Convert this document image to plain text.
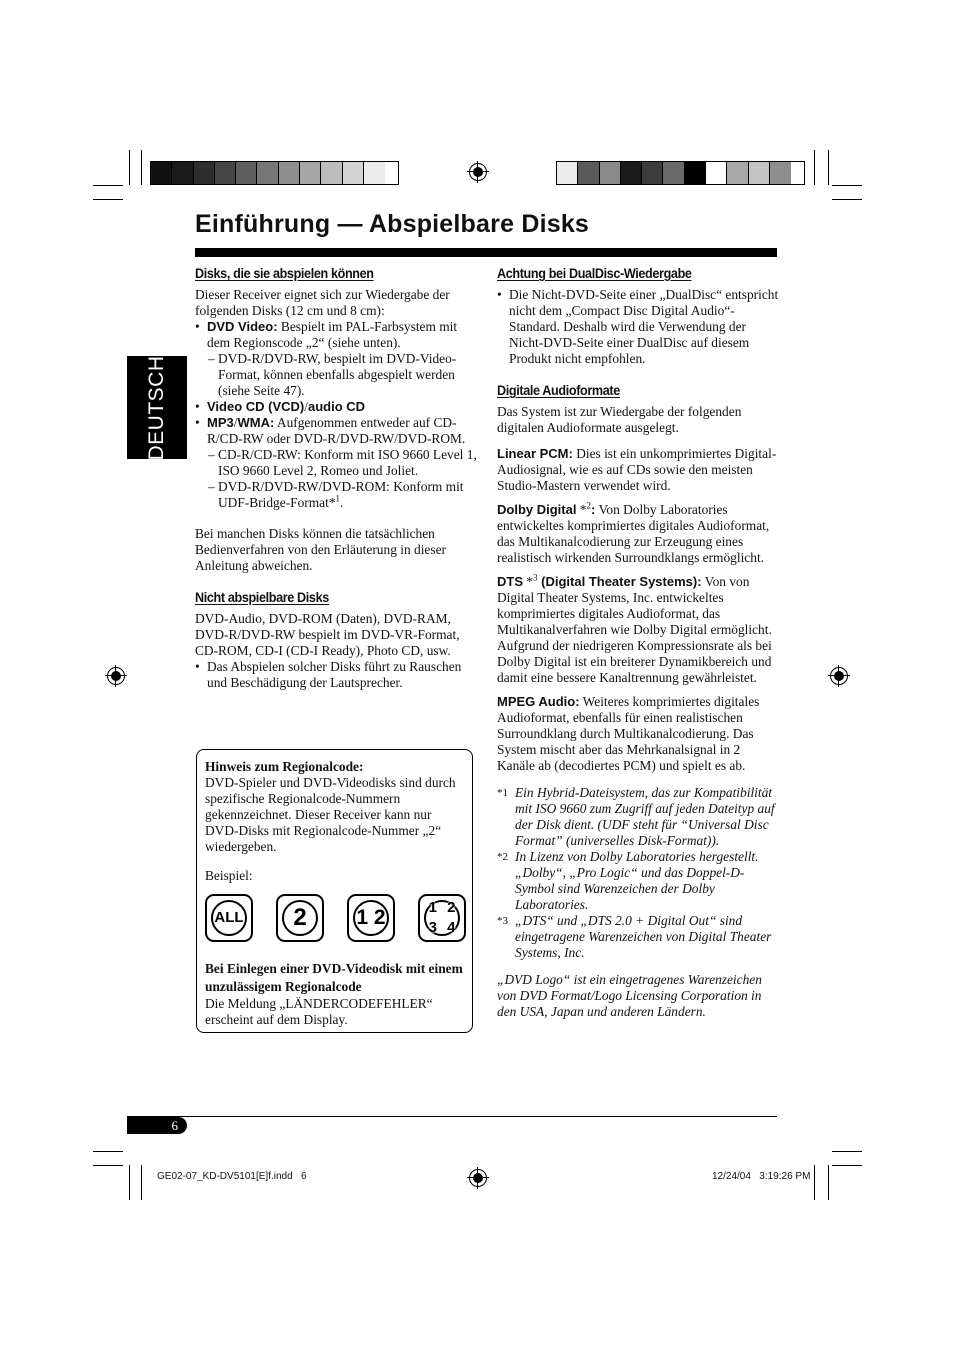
Einführung — Abspielbare Disks
DEUTSCH

Disks, die sie abspielen können

Dieser Receiver eignet sich zur Wiedergabe der folgenden Disks (12 cm und 8 cm):

• DVD Video: Bespielt im PAL-Farbsystem mit dem Regionscode „2“ (siehe unten).

– DVD-R/DVD-RW, bespielt im DVD-Video-Format, können ebenfalls abgespielt werden (siehe Seite 47).

• Video CD (VCD)/audio CD

• MP3/WMA: Aufgenommen entweder auf CD-R/CD-RW oder DVD-R/DVD-RW/DVD-ROM.

– CD-R/CD-RW: Konform mit ISO 9660 Level 1, ISO 9660 Level 2, Romeo und Joliet.

– DVD-R/DVD-RW/DVD-ROM: Konform mit UDF-Bridge-Format*$^1$.

Bei manchen Disks können die tatsächlichen Bedienverfahren von den Erläuterung in dieser Anleitung abweichen.

Nicht abspielbare Disks

DVD-Audio, DVD-ROM (Daten), DVD-RAM, DVD-R/DVD-RW bespielt im DVD-VR-Format, CD-ROM, CD-I (CD-I Ready), Photo CD, usw.

• Das Abspielen solcher Disks führt zu Rauschen und Beschädigung der Lautsprecher.

Hinweis zum Regionalcode:

DVD-Spieler und DVD-Videodisks sind durch spezifische Regionalcode-Nummern gekennzeichnet. Dieser Receiver kann nur DVD-Disks mit Regionalcode-Nummer „2“ wiedergeben.

Beispiel:

ALL	2	1 2	1 2 3 4

Bei Einlegen einer DVD-Videodisk mit einem unzulässigem Regionalcode

Die Meldung „LÄNDERCODEFEHLER“ erscheint auf dem Display.

Achtung bei DualDisc-Wiedergabe

• Die Nicht-DVD-Seite einer „DualDisc“ entspricht nicht dem „Compact Disc Digital Audio“-Standard. Deshalb wird die Verwendung der Nicht-DVD-Seite einer DualDisc auf diesem Produkt nicht empfohlen.

Digitale Audioformate

Das System ist zur Wiedergabe der folgenden digitalen Audioformate ausgelegt.

Linear PCM: Dies ist ein unkomprimiertes Digital-Audiosignal, wie es auf CDs sowie den meisten Studio-Mastern verwendet wird.

Dolby Digital *$^2$: Von Dolby Laboratories entwickeltes komprimiertes digitales Audioformat, das Multikanalcodierung zur Erzeugung eines realistisch wirkenden Surroundklangs ermöglicht.

DTS *$^3$ (Digital Theater Systems): Von von Digital Theater Systems, Inc. entwickeltes komprimiertes digitales Audioformat, das Multikanalverfahren wie Dolby Digital ermöglicht. Aufgrund der niedrigeren Kompressionsrate als bei Dolby Digital ist ein breiterer Dynamikbereich und damit eine bessere Kanaltrennung gewährleistet.

MPEG Audio: Weiteres komprimiertes digitales Audioformat, ebenfalls für einen realistischen Surroundklang durch Multikanalcodierung. Das System mischt aber das Mehrkanalsignal in 2 Kanäle ab (decodiertes PCM) und spielt es ab.

*1 Ein Hybrid-Dateisystem, das zur Kompatibilität mit ISO 9660 zum Zugriff auf jeden Dateityp auf der Disk dient. (UDF steht für “Universal Disc Format” (universelles Disk-Format)).

*2 In Lizenz von Dolby Laboratories hergestellt. „Dolby“, „Pro Logic“ und das Doppel-D-Symbol sind Warenzeichen der Dolby Laboratories.

*3 „DTS“ und „DTS 2.0 + Digital Out“ sind eingetragene Warenzeichen von Digital Theater Systems, Inc.

„DVD Logo“ ist ein eingetragenes Warenzeichen von DVD Format/Logo Licensing Corporation in den USA, Japan und anderen Ländern.

6
GE02-07_KD-DV5101[E]f.indd   6	12/24/04   3:19:26 PM
